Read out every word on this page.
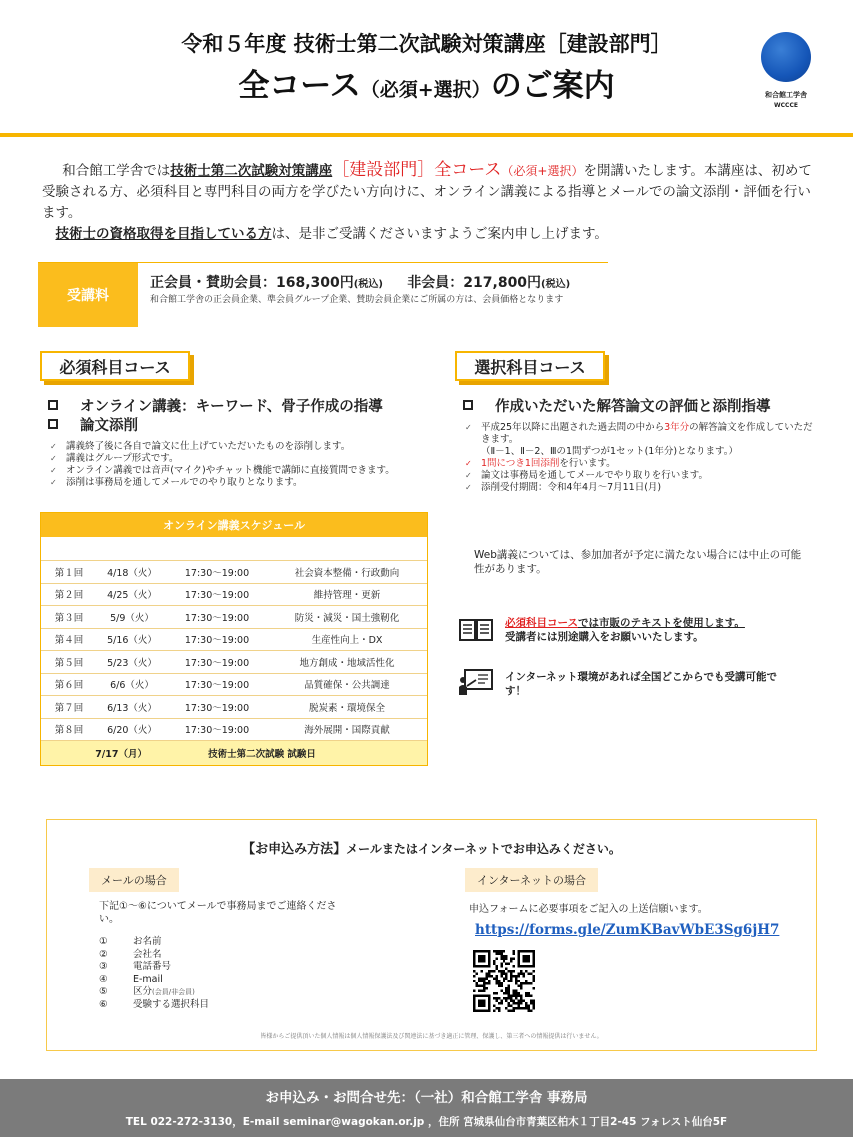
令和５年度 技術士第二次試験対策講座［建設部門］
全コース（必須+選択）のご案内	和合館工学舎
WCCCE

和合館工学舎では技術士第二次試験対策講座［建設部門］全コース（必須+選択）を開講いたします。本講座は、初めて受験される方、必須科目と専門科目の両方を学びたい方向けに、オンライン講義による指導とメールでの論文添削・評価を行います。

技術士の資格取得を目指している方は、是非ご受講くださいますようご案内申し上げます。

受講料
正会員・賛助会員：168,300円(税込) 非会員：217,800円(税込)
和合館工学舎の正会員企業、準会員グループ企業、賛助会員企業にご所属の方は、会員価格となります
必須科目コース
オンライン講義：キーワード、骨子作成の指導
論文添削
✓ 講義終了後に各自で論文に仕上げていただいたものを添削します。
✓ 講義はグループ形式です。
✓ オンライン講義では音声(マイク)やチャット機能で講師に直接質問できます。
✓ 添削は事務局を通してメールでのやり取りとなります。
選択科目コース
作成いただいた解答論文の評価と添削指導
✓ 平成25年以降に出題された過去問の中から3年分の解答論文を作成していただきます。
（Ⅱ－1、Ⅱ－2、Ⅲの1問ずつが1セット(1年分)となります。）
✓ 1問につき1回添削を行います。
✓ 論文は事務局を通してメールでやり取りを行います。
✓ 添削受付期間：令和4年4月～7月11日(月)
オンライン講義スケジュール
第１回	4/18（火）	17:30～19:00	社会資本整備・行政動向
第２回	4/25（火）	17:30～19:00	維持管理・更新
第３回	5/9（火）	17:30～19:00	防災・減災・国土強靭化
第４回	5/16（火）	17:30～19:00	生産性向上・DX
第５回	5/23（火）	17:30～19:00	地方創成・地域活性化
第６回	6/6（火）	17:30～19:00	品質確保・公共調達
第７回	6/13（火）	17:30～19:00	脱炭素・環境保全
第８回	6/20（火）	17:30～19:00	海外展開・国際貢献
7/17（月）	技術士第二次試験 試験日
Web講義については、参加加者が予定に満たない場合には中止の可能性があります。
必須科目コースでは市販のテキストを使用します。
受講者には別途購入をお願いいたします。
インターネット環境があれば全国どこからでも受講可能です！
【お申込み方法】メールまたはインターネットでお申込みください。
メールの場合
下記①～⑥についてメールで事務局までご連絡ください。
①	お名前
②	会社名
③	電話番号
④	E-mail
⑤	区分(会員/非会員)
⑥	受験する選択科目
インターネットの場合
申込フォームに必要事項をご記入の上送信願います。
https://forms.gle/ZumKBavWbE3Sg6jH7
皆様からご提供頂いた個人情報は個人情報保護法及び関連法に基づき適正に管理、保護し、第三者への情報提供は行いません。
お申込み・お問合せ先：（一社）和合館工学舎 事務局
TEL 022-272-3130，E-mail seminar@wagokan.or.jp ，住所 宮城県仙台市青葉区柏木１丁目2-45 フォレスト仙台5F
